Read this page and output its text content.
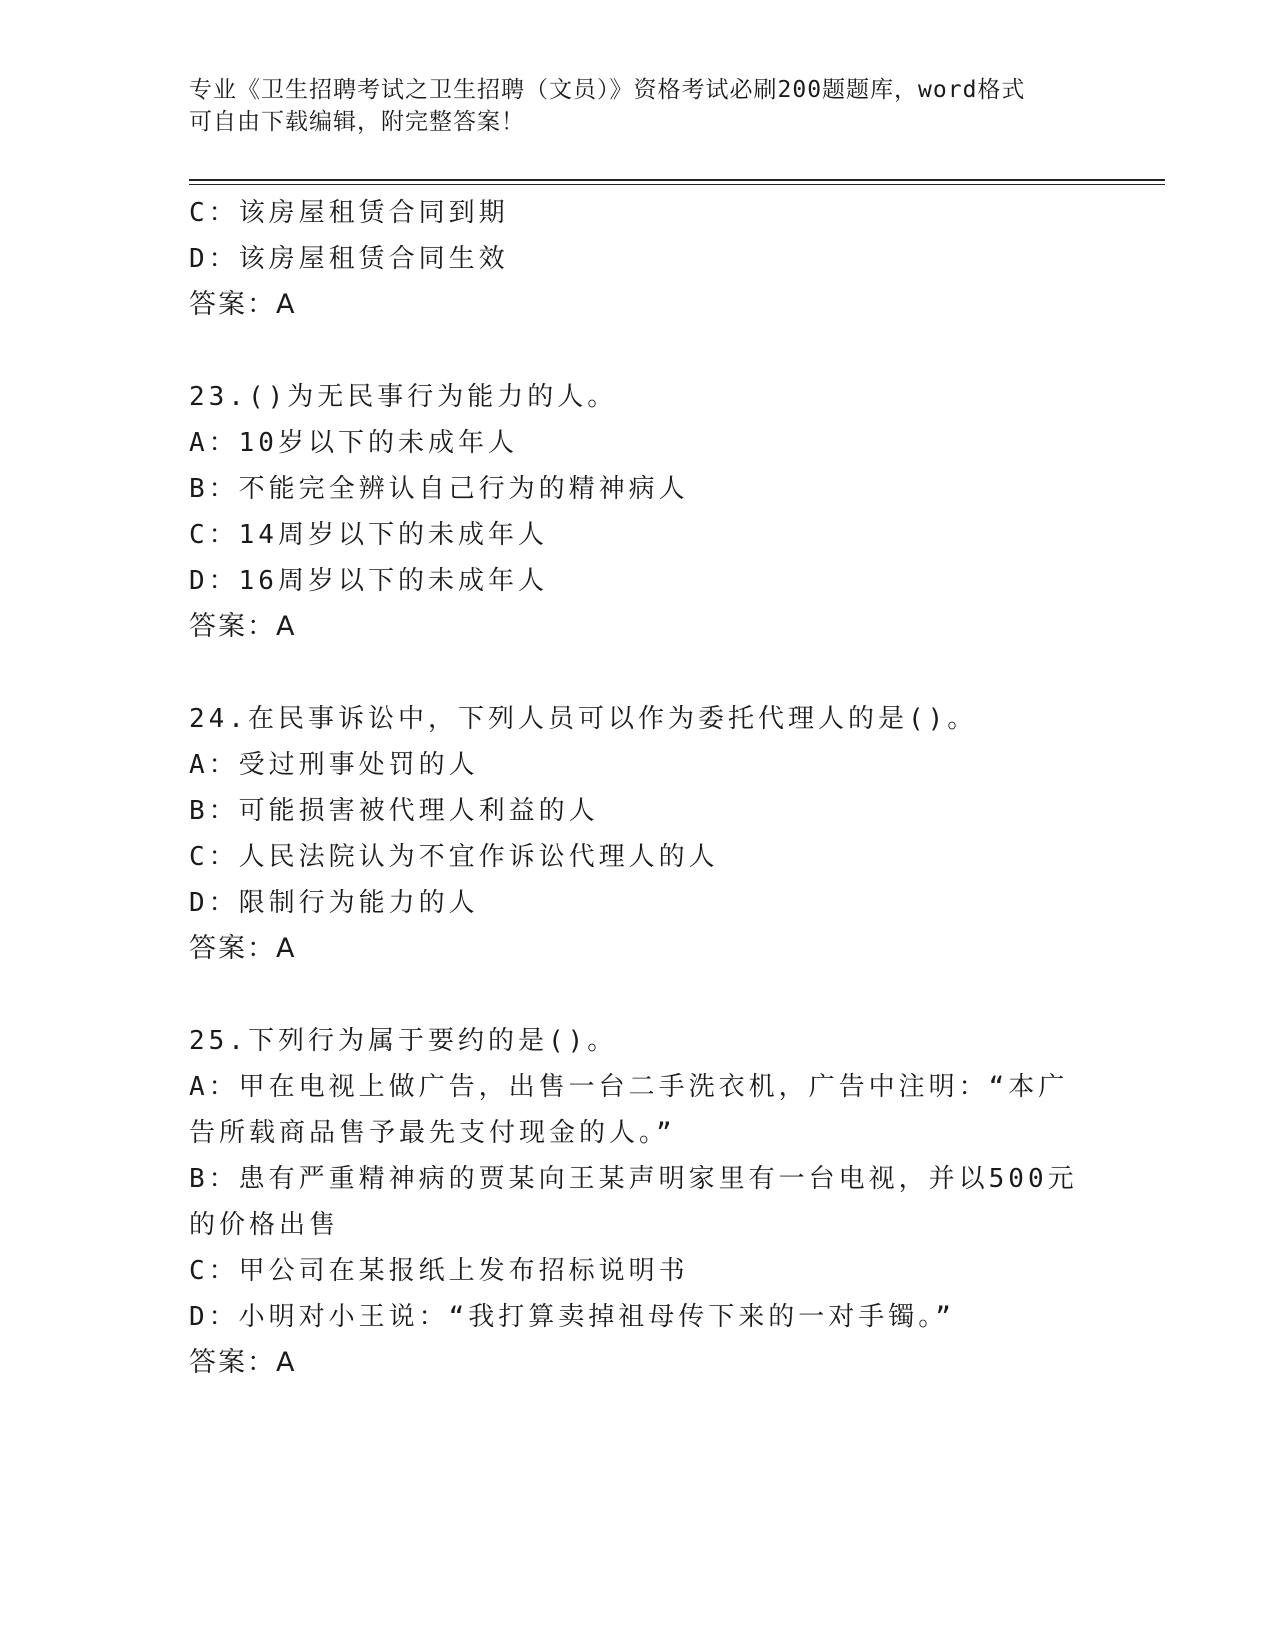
专业《卫生招聘考试之卫生招聘（文员）》资格考试必刷200题题库，word格式
可自由下载编辑，附完整答案！
C：该房屋租赁合同到期
D：该房屋租赁合同生效
答案：A
23.()为无民事行为能力的人。
A：10岁以下的未成年人
B：不能完全辨认自己行为的精神病人
C：14周岁以下的未成年人
D：16周岁以下的未成年人
答案：A
24.在民事诉讼中，下列人员可以作为委托代理人的是()。
A：受过刑事处罚的人
B：可能损害被代理人利益的人
C：人民法院认为不宜作诉讼代理人的人
D：限制行为能力的人
答案：A
25.下列行为属于要约的是()。
A：甲在电视上做广告，出售一台二手洗衣机，广告中注明：“本广告所载商品售予最先支付现金的人。”
B：患有严重精神病的贾某向王某声明家里有一台电视，并以500元的价格出售
C：甲公司在某报纸上发布招标说明书
D：小明对小王说：“我打算卖掉祖母传下来的一对手镯。”
答案：A
